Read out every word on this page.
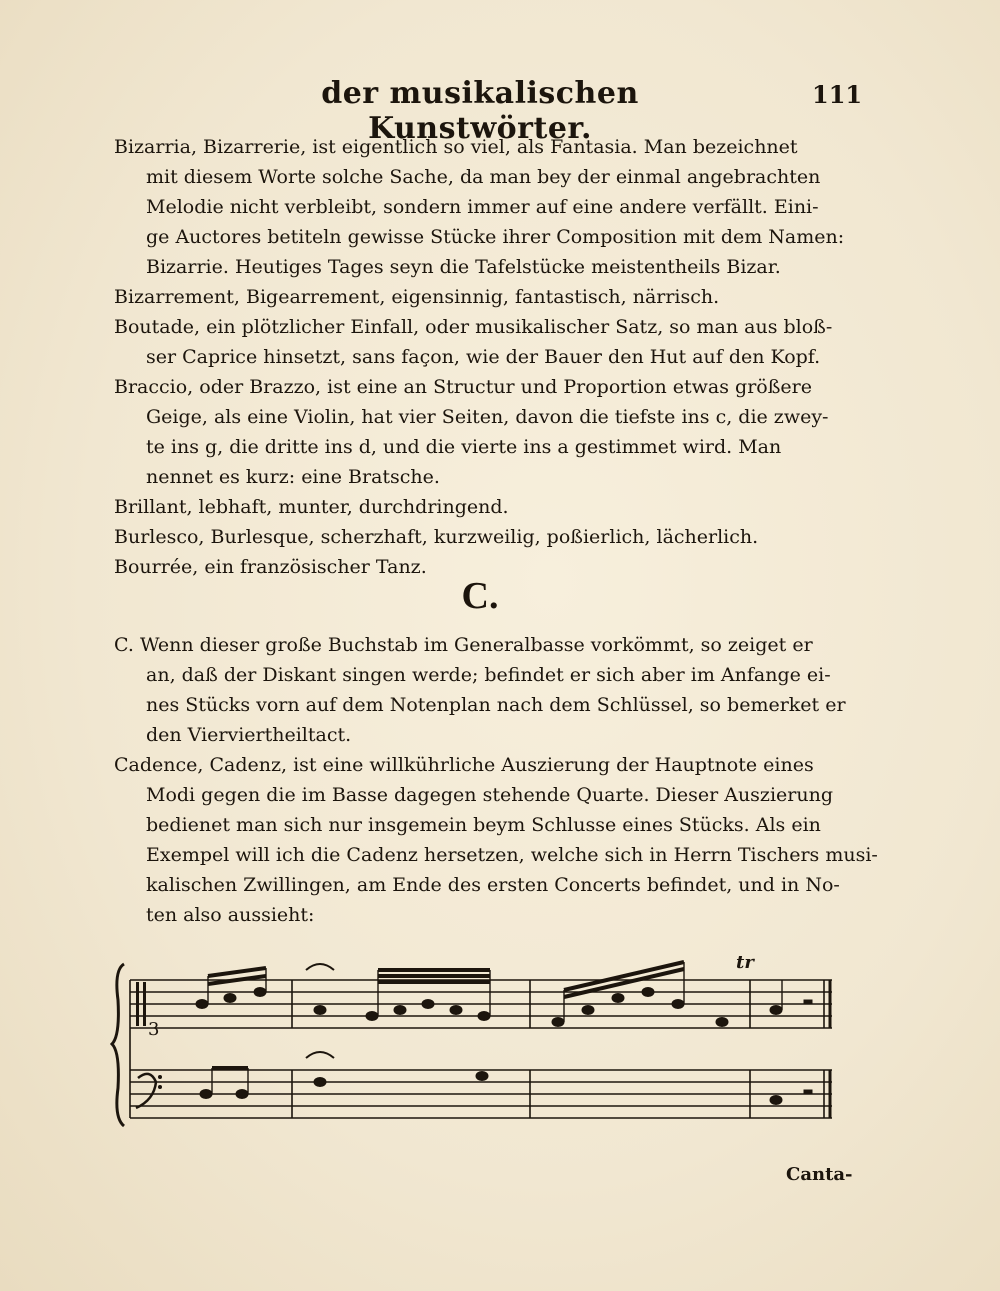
der musikalischen Kunstwörter.
111
Bizarria, Bizarrerie, ist eigentlich so viel, als Fantasia. Man bezeichnet
mit diesem Worte solche Sache, da man bey der einmal angebrachten
Melodie nicht verbleibt, sondern immer auf eine andere verfällt. Eini-
ge Auctores betiteln gewisse Stücke ihrer Composition mit dem Namen:
Bizarrie. Heutiges Tages seyn die Tafelstücke meistentheils Bizar.
Bizarrement, Bigearrement, eigensinnig, fantastisch, närrisch.
Boutade, ein plötzlicher Einfall, oder musikalischer Satz, so man aus bloß-
ser Caprice hinsetzt, sans façon, wie der Bauer den Hut auf den Kopf.
Braccio, oder Brazzo, ist eine an Structur und Proportion etwas größere
Geige, als eine Violin, hat vier Seiten, davon die tiefste ins c, die zwey-
te ins g, die dritte ins d, und die vierte ins a gestimmet wird. Man
nennet es kurz: eine Bratsche.
Brillant, lebhaft, munter, durchdringend.
Burlesco, Burlesque, scherzhaft, kurzweilig, poßierlich, lächerlich.
Bourrée, ein französischer Tanz.
C.
C. Wenn dieser große Buchstab im Generalbasse vorkömmt, so zeiget er
an, daß der Diskant singen werde; befindet er sich aber im Anfange ei-
nes Stücks vorn auf dem Notenplan nach dem Schlüssel, so bemerket er
den Vierviertheiltact.
Cadence, Cadenz, ist eine willkührliche Auszierung der Hauptnote eines
Modi gegen die im Basse dagegen stehende Quarte. Dieser Auszierung
bedienet man sich nur insgemein beym Schlusse eines Stücks. Als ein
Exempel will ich die Cadenz hersetzen, welche sich in Herrn Tischers musi-
kalischen Zwillingen, am Ende des ersten Concerts befindet, und in No-
ten also aussieht:
3
tr
Canta-
